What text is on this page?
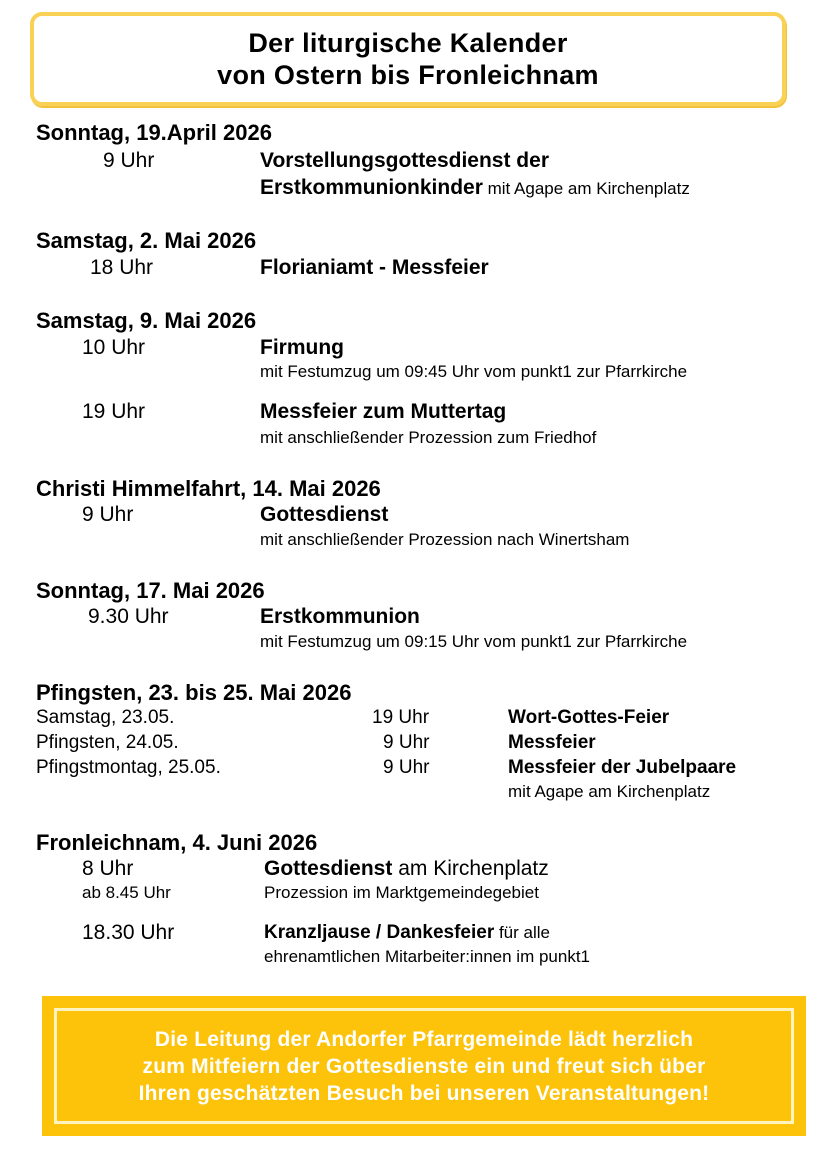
Der liturgische Kalender
von Ostern bis Fronleichnam
Sonntag, 19.April 2026
9 Uhr	Vorstellungsgottesdienst der
Erstkommunionkinder mit Agape am Kirchenplatz
Samstag, 2. Mai 2026
18 Uhr	Florianiamt - Messfeier
Samstag, 9. Mai 2026
10 Uhr	Firmung
mit Festumzug um 09:45 Uhr vom punkt1 zur Pfarrkirche
19 Uhr	Messfeier zum Muttertag
mit anschließender Prozession zum Friedhof
Christi Himmelfahrt, 14. Mai 2026
9 Uhr	Gottesdienst
mit anschließender Prozession nach Winertsham
Sonntag, 17. Mai 2026
9.30 Uhr	Erstkommunion
mit Festumzug um 09:15 Uhr vom punkt1 zur Pfarrkirche
Pfingsten, 23. bis 25. Mai 2026
Samstag, 23.05.	19 Uhr	Wort-Gottes-Feier
Pfingsten, 24.05.	9 Uhr	Messfeier
Pfingstmontag, 25.05.	9 Uhr	Messfeier der Jubelpaare
mit Agape am Kirchenplatz
Fronleichnam, 4. Juni 2026
8 Uhr	Gottesdienst am Kirchenplatz
ab 8.45 Uhr	Prozession im Marktgemeindegebiet
18.30 Uhr	Kranzljause / Dankesfeier für alle
ehrenamtlichen Mitarbeiter:innen im punkt1
Die Leitung der Andorfer Pfarrgemeinde lädt herzlich
zum Mitfeiern der Gottesdienste ein und freut sich über
Ihren geschätzten Besuch bei unseren Veranstaltungen!
